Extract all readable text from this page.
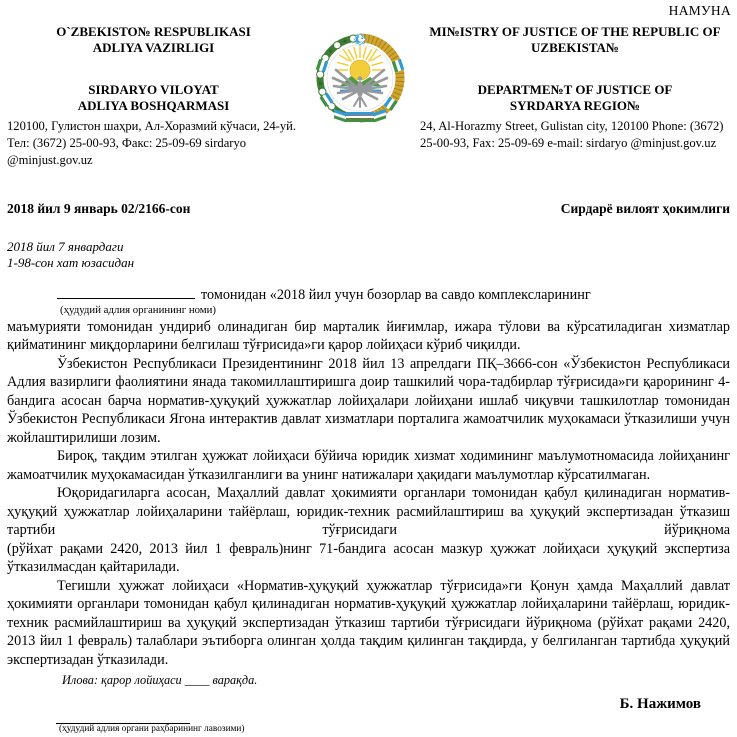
НАМУНА
O`ZBEKISTO№ RESPUBLIKASI
ADLIYA VAZIRLIGI
SIRDARYO VILOYAT
ADLIYA BOSHQARMASI
120100, Гулистон шаҳри, Ал-Хоразмий кўчаси, 24-уй. Тел: (3672) 25-00-93, Факс: 25-09-69 sirdaryo @minjust.gov.uz
MI№ISTRY OF JUSTICE OF THE REPUBLIC OF
UZBEKISTA№
DEPARTME№T OF JUSTICE OF
SYRDARYA REGIO№
24, Al-Horazmy Street, Gulistan city, 120100 Phone: (3672) 25-00-93, Fax: 25-09-69 e-mail: sirdaryo @minjust.gov.uz
2018 йил 9 январь 02/2166-сон	Сирдарё вилоят ҳокимлиги
2018 йил 7 январдаги
1-98-сон хат юзасидан
томонидан «2018 йил учун бозорлар ва савдо комплексларининг
(ҳудудий адлия органининг номи)

маъмурияти томонидан ундириб олинадиган бир марталик йиғимлар, ижара тўлови ва кўрсатиладиган хизматлар қийматининг миқдорларини белгилаш тўғрисида»ги қарор лойиҳаси кўриб чиқилди.

Ўзбекистон Республикаси Президентининг 2018 йил 13 апрелдаги ПҚ–3666-сон «Ўзбекистон Республикаси Адлия вазирлиги фаолиятини янада такомиллаштиришга доир ташкилий чора-тадбирлар тўғрисида»ги қарорининг 4-бандига асосан барча норматив-ҳуқуқий ҳужжатлар лойиҳалари лойиҳани ишлаб чиқувчи ташкилотлар томонидан Ўзбекистон Республикаси Ягона интерактив давлат хизматлари порталига жамоатчилик муҳокамаси ўтказилиши учун жойлаштирилиши лозим.

Бироқ, тақдим этилган ҳужжат лойиҳаси бўйича юридик хизмат ходимининг маълумотномасида лойиҳанинг жамоатчилик муҳокамасидан ўтказилганлиги ва унинг натижалари ҳақидаги маълумотлар кўрсатилмаган.

Юқоридагиларга асосан, Маҳаллий давлат ҳокимияти органлари томонидан қабул қилинадиган норматив-ҳуқуқий ҳужжатлар лойиҳаларини тайёрлаш, юридик-техник расмийлаштириш ва ҳуқуқий экспертизадан ўтказиш тартиби тўғрисидаги йўриқнома

(рўйхат рақами 2420, 2013 йил 1 февраль)нинг 71-бандига асосан мазкур ҳужжат лойиҳаси ҳуқуқий экспертиза ўтказилмасдан қайтарилади.

Тегишли ҳужжат лойиҳаси «Норматив-ҳуқуқий ҳужжатлар тўғрисида»ги Қонун ҳамда Маҳаллий давлат ҳокимияти органлари томонидан қабул қилинадиган норматив-ҳуқуқий ҳужжатлар лойиҳаларини тайёрлаш, юридик-техник расмийлаштириш ва ҳуқуқий экспертизадан ўтказиш тартиби тўғрисидаги йўриқнома (рўйхат рақами 2420, 2013 йил 1 февраль) талаблари эътиборга олинган ҳолда тақдим қилинган тақдирда, у белгиланган тартибда ҳуқуқий экспертизадан ўтказилади.

Илова: қарор лойиҳаси ____ варақда.
Б. Нажимов
(ҳудудий адлия органи раҳбарининг лавозими)
